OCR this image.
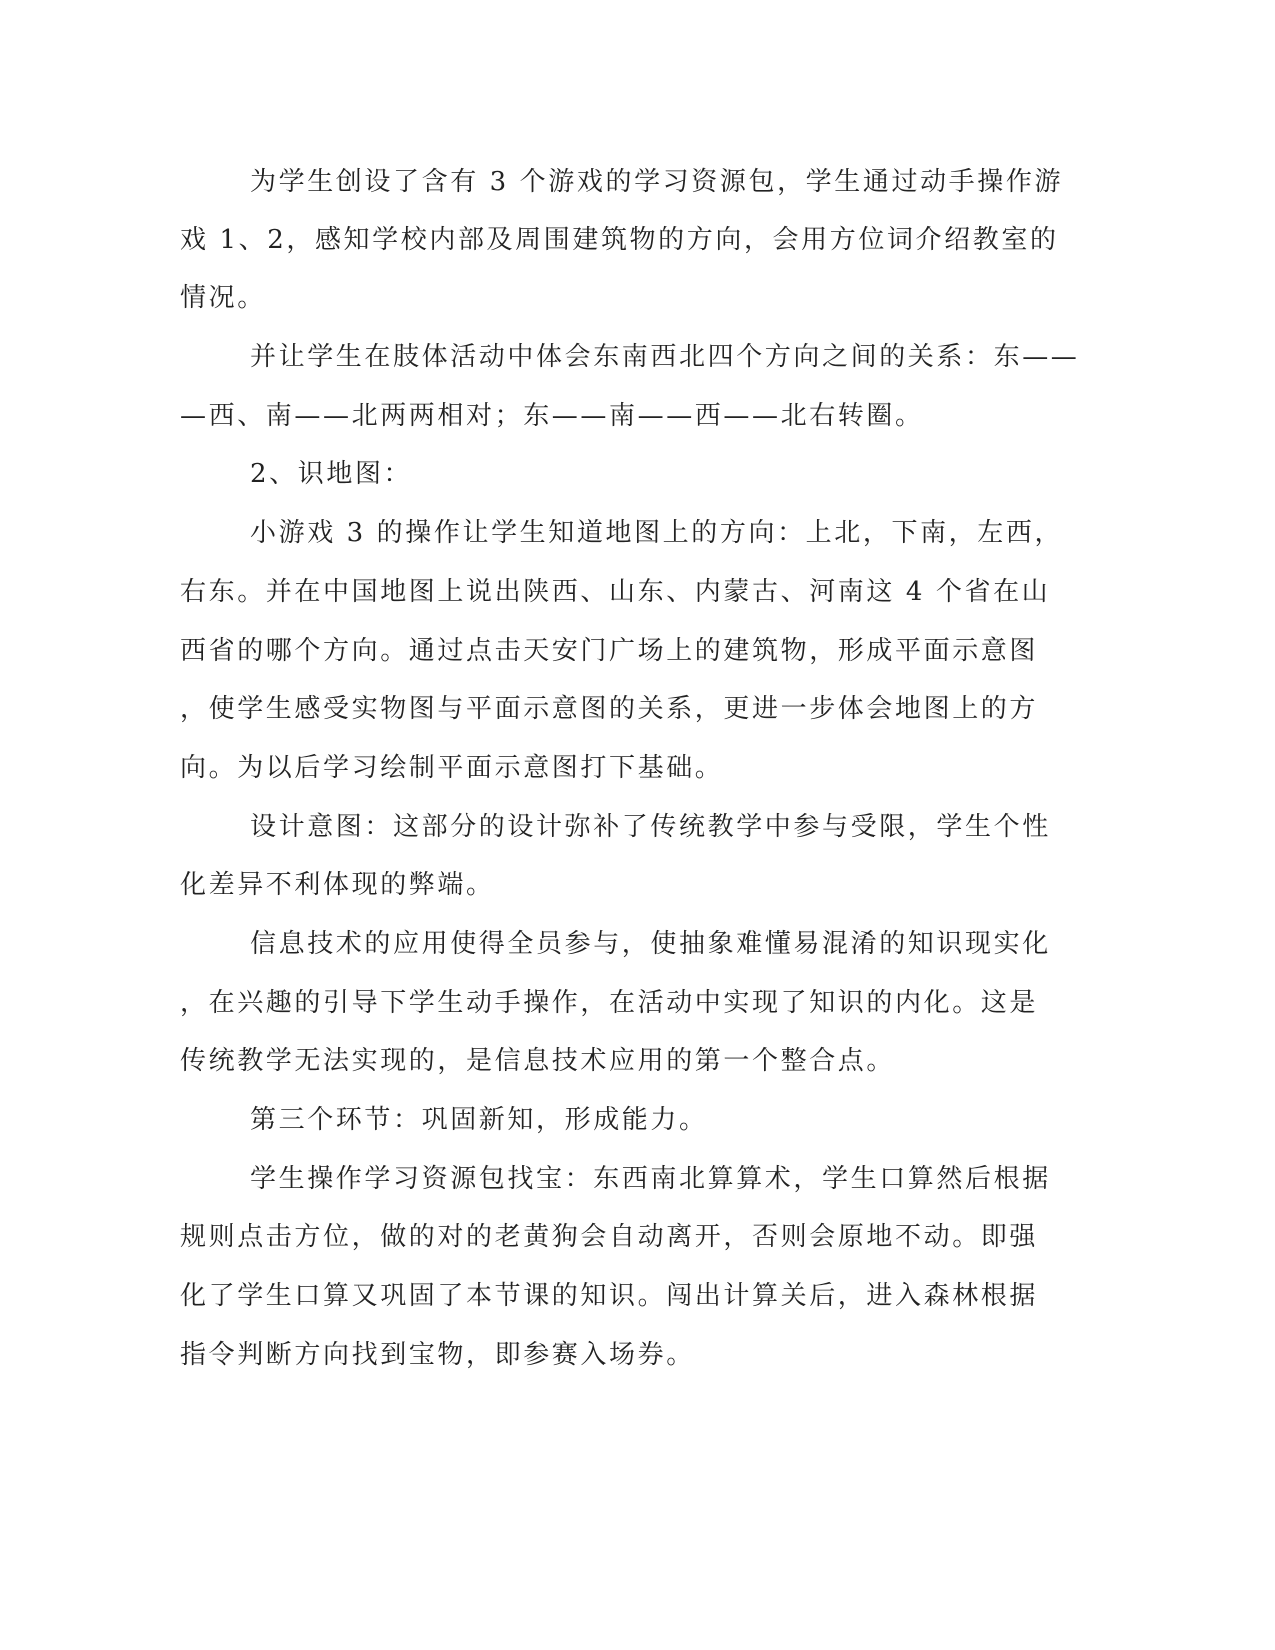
为学生创设了含有 3 个游戏的学习资源包，学生通过动手操作游
戏 1、2，感知学校内部及周围建筑物的方向，会用方位词介绍教室的
情况。
并让学生在肢体活动中体会东南西北四个方向之间的关系：东——
—西、南——北两两相对；东——南——西——北右转圈。
2、识地图：
小游戏 3 的操作让学生知道地图上的方向：上北，下南，左西，
右东。并在中国地图上说出陕西、山东、内蒙古、河南这 4 个省在山
西省的哪个方向。通过点击天安门广场上的建筑物，形成平面示意图
，使学生感受实物图与平面示意图的关系，更进一步体会地图上的方
向。为以后学习绘制平面示意图打下基础。
设计意图：这部分的设计弥补了传统教学中参与受限，学生个性
化差异不利体现的弊端。
信息技术的应用使得全员参与，使抽象难懂易混淆的知识现实化
，在兴趣的引导下学生动手操作，在活动中实现了知识的内化。这是
传统教学无法实现的，是信息技术应用的第一个整合点。
第三个环节：巩固新知，形成能力。
学生操作学习资源包找宝：东西南北算算术，学生口算然后根据
规则点击方位，做的对的老黄狗会自动离开，否则会原地不动。即强
化了学生口算又巩固了本节课的知识。闯出计算关后，进入森林根据
指令判断方向找到宝物，即参赛入场券。
